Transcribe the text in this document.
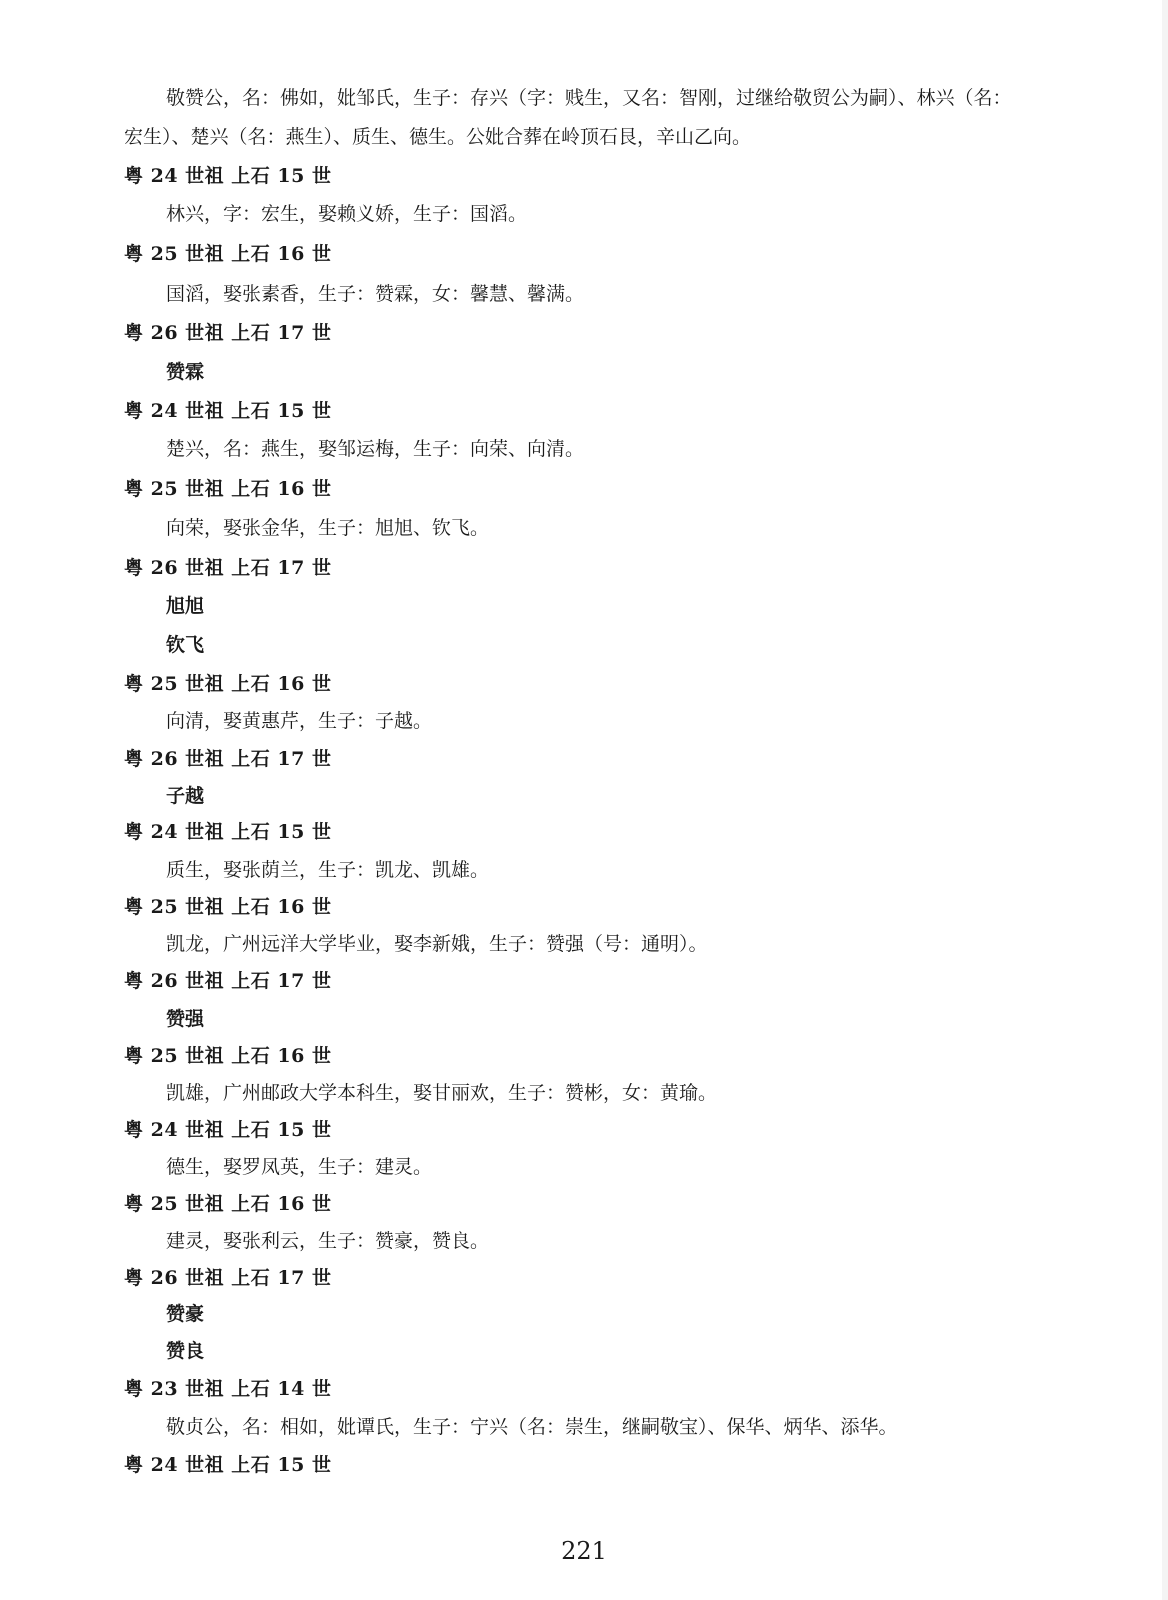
敬赞公，名：佛如，妣邹氏，生子：存兴（字：贱生，又名：智刚，过继给敬贸公为嗣）、林兴（名：
宏生）、楚兴（名：燕生）、质生、德生。公妣合葬在岭顶石艮，辛山乙向。
粤 24 世祖 上石 15 世
林兴，字：宏生，娶赖义娇，生子：国滔。
粤 25 世祖 上石 16 世
国滔，娶张素香，生子：赞霖，女：馨慧、馨满。
粤 26 世祖 上石 17 世
赞霖
粤 24 世祖 上石 15 世
楚兴，名：燕生，娶邹运梅，生子：向荣、向清。
粤 25 世祖 上石 16 世
向荣，娶张金华，生子：旭旭、钦飞。
粤 26 世祖 上石 17 世
旭旭
钦飞
粤 25 世祖 上石 16 世
向清，娶黄惠芹，生子：子越。
粤 26 世祖 上石 17 世
子越
粤 24 世祖 上石 15 世
质生，娶张荫兰，生子：凯龙、凯雄。
粤 25 世祖 上石 16 世
凯龙，广州远洋大学毕业，娶李新娥，生子：赞强（号：通明）。
粤 26 世祖 上石 17 世
赞强
粤 25 世祖 上石 16 世
凯雄，广州邮政大学本科生，娶甘丽欢，生子：赞彬，女：黄瑜。
粤 24 世祖 上石 15 世
德生，娶罗凤英，生子：建灵。
粤 25 世祖 上石 16 世
建灵，娶张利云，生子：赞豪，赞良。
粤 26 世祖 上石 17 世
赞豪
赞良
粤 23 世祖 上石 14 世
敬贞公，名：相如，妣谭氏，生子：宁兴（名：崇生，继嗣敬宝）、保华、炳华、添华。
粤 24 世祖 上石 15 世
221
